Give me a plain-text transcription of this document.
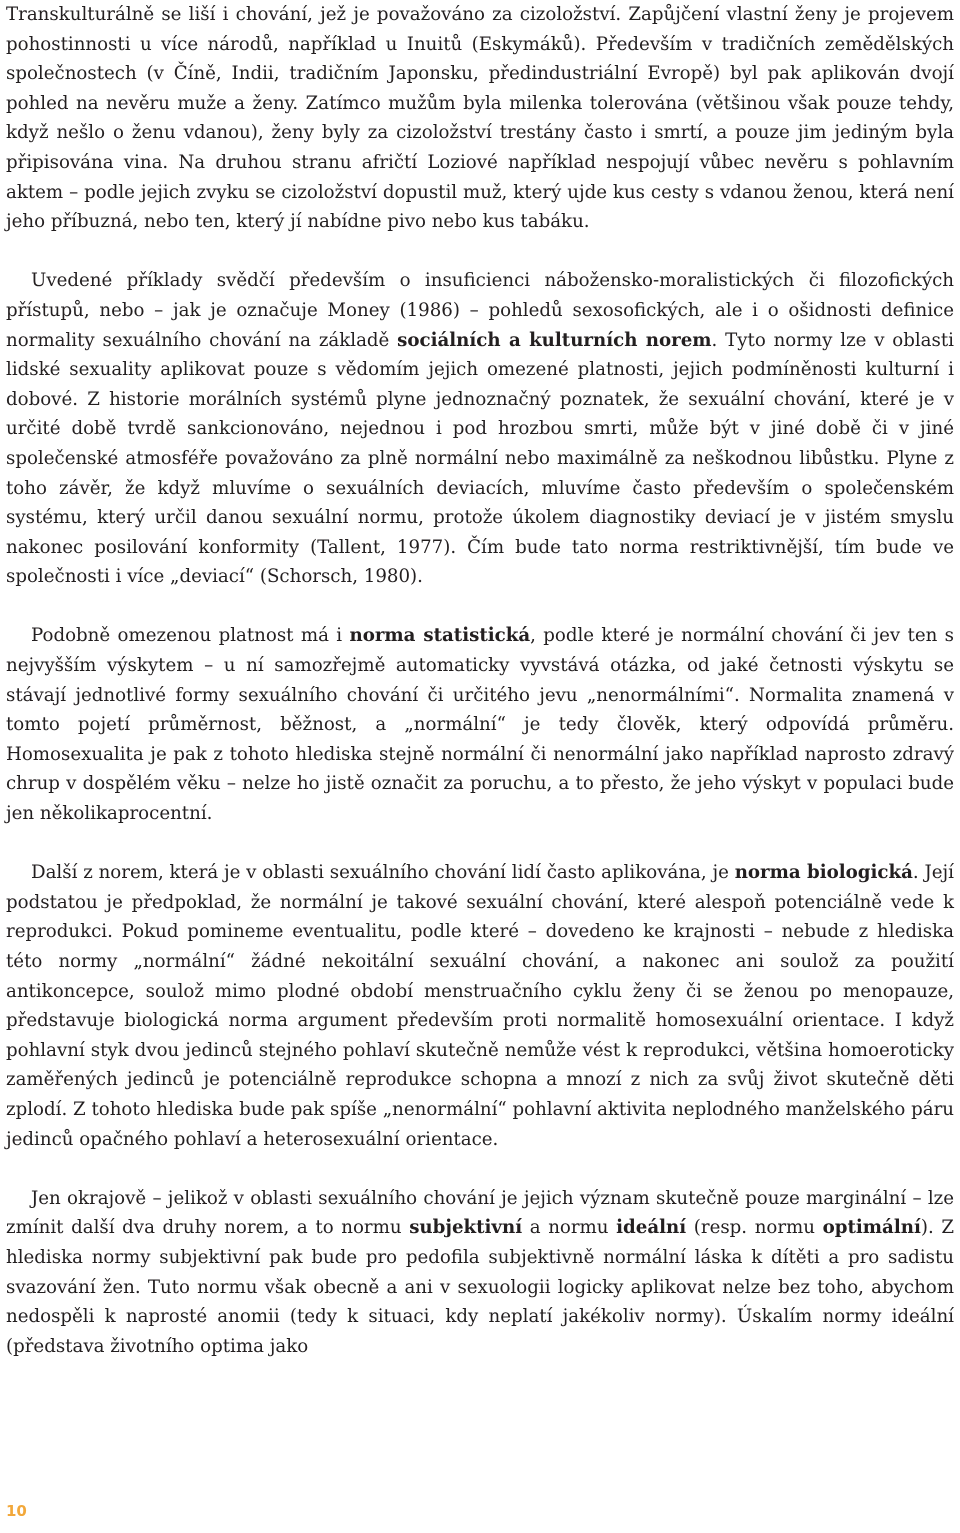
Transkulturálně se liší i chování, jež je považováno za cizoložství. Zapůjčení vlastní ženy je projevem pohostinnosti u více národů, například u Inuitů (Eskymáků). Především v tradičních zemědělských společnostech (v Číně, Indii, tradičním Japonsku, předindustriální Evropě) byl pak aplikován dvojí pohled na nevěru muže a ženy. Zatímco mužům byla milenka tolerována (většinou však pouze tehdy, když nešlo o ženu vdanou), ženy byly za cizoložství trestány často i smrtí, a pouze jim jediným byla připisována vina. Na druhou stranu afričtí Loziové například nespojují vůbec nevěru s pohlavním aktem – podle jejich zvyku se cizoložství dopustil muž, který ujde kus cesty s vdanou ženou, která není jeho příbuzná, nebo ten, který jí nabídne pivo nebo kus tabáku.

Uvedené příklady svědčí především o insuficienci nábožensko-moralistických či filozofických přístupů, nebo – jak je označuje Money (1986) – pohledů sexosofických, ale i o ošidnosti definice normality sexuálního chování na základě sociálních a kulturních norem. Tyto normy lze v oblasti lidské sexuality aplikovat pouze s vědomím jejich omezené platnosti, jejich podmíněnosti kulturní i dobové. Z historie morálních systémů plyne jednoznačný poznatek, že sexuální chování, které je v určité době tvrdě sankcionováno, nejednou i pod hrozbou smrti, může být v jiné době či v jiné společenské atmosféře považováno za plně normální nebo maximálně za neškodnou libůstku. Plyne z toho závěr, že když mluvíme o sexuálních deviacích, mluvíme často především o společenském systému, který určil danou sexuální normu, protože úkolem diagnostiky deviací je v jistém smyslu nakonec posilování konformity (Tallent, 1977). Čím bude tato norma restriktivnější, tím bude ve společnosti i více „deviací“ (Schorsch, 1980).

Podobně omezenou platnost má i norma statistická, podle které je normální chování či jev ten s nejvyšším výskytem – u ní samozřejmě automaticky vyvstává otázka, od jaké četnosti výskytu se stávají jednotlivé formy sexuálního chování či určitého jevu „nenormálními“. Normalita znamená v tomto pojetí průměrnost, běžnost, a „normální“ je tedy člověk, který odpovídá průměru. Homosexualita je pak z tohoto hlediska stejně normální či nenormální jako například naprosto zdravý chrup v dospělém věku – nelze ho jistě označit za poruchu, a to přesto, že jeho výskyt v populaci bude jen několikaprocentní.

Další z norem, která je v oblasti sexuálního chování lidí často aplikována, je norma biologická. Její podstatou je předpoklad, že normální je takové sexuální chování, které alespoň potenciálně vede k reprodukci. Pokud pomineme eventualitu, podle které – dovedeno ke krajnosti – nebude z hlediska této normy „normální“ žádné nekoitální sexuální chování, a nakonec ani soulož za použití antikoncepce, soulož mimo plodné období menstruačního cyklu ženy či se ženou po menopauze, představuje biologická norma argument především proti normalitě homosexuální orientace. I když pohlavní styk dvou jedinců stejného pohlaví skutečně nemůže vést k reprodukci, většina homoeroticky zaměřených jedinců je potenciálně reprodukce schopna a mnozí z nich za svůj život skutečně děti zplodí. Z tohoto hlediska bude pak spíše „nenormální“ pohlavní aktivita neplodného manželského páru jedinců opačného pohlaví a heterosexuální orientace.

Jen okrajově – jelikož v oblasti sexuálního chování je jejich význam skutečně pouze marginální – lze zmínit další dva druhy norem, a to normu subjektivní a normu ideální (resp. normu optimální). Z hlediska normy subjektivní pak bude pro pedofila subjektivně normální láska k dítěti a pro sadistu svazování žen. Tuto normu však obecně a ani v sexuologii logicky aplikovat nelze bez toho, abychom nedospěli k naprosté anomii (tedy k situaci, kdy neplatí jakékoliv normy). Úskalím normy ideální (představa životního optima jako

10
